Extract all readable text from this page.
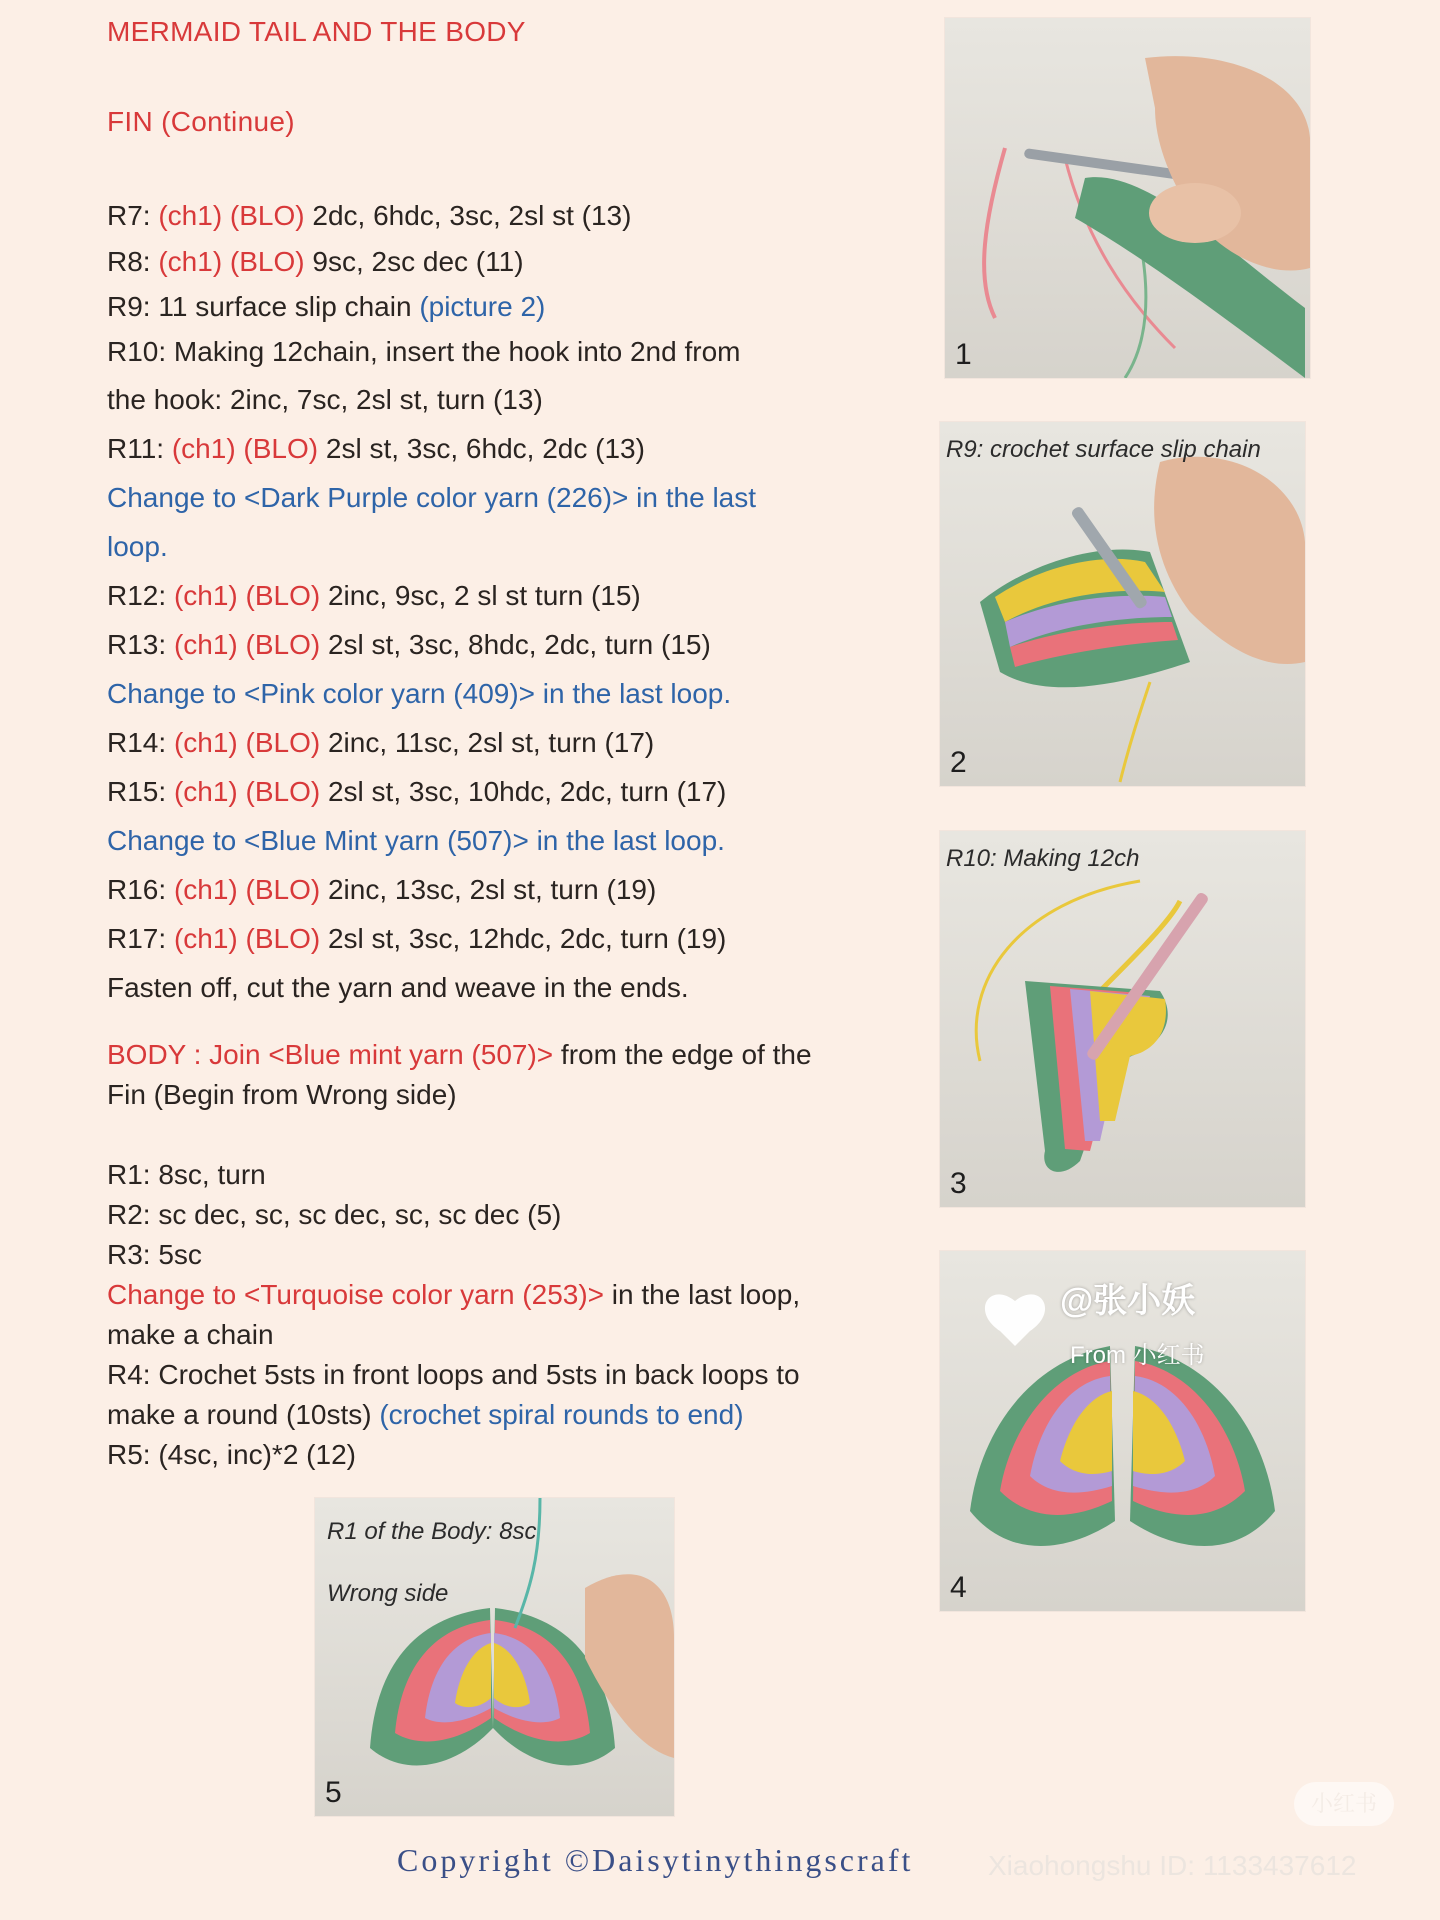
MERMAID TAIL AND THE BODY
FIN (Continue)
R7: (ch1) (BLO) 2dc, 6hdc, 3sc, 2sl st (13)
R8: (ch1) (BLO) 9sc, 2sc dec (11)
R9: 11 surface slip chain (picture 2)
R10: Making 12chain, insert the hook into 2nd from
the hook: 2inc, 7sc, 2sl st, turn (13)
R11: (ch1) (BLO) 2sl st, 3sc, 6hdc, 2dc (13)
Change to <Dark Purple color yarn (226)> in the last
loop.
R12: (ch1) (BLO) 2inc, 9sc, 2 sl st turn (15)
R13: (ch1) (BLO) 2sl st, 3sc, 8hdc, 2dc, turn (15)
Change to <Pink color yarn (409)> in the last loop.
R14: (ch1) (BLO) 2inc, 11sc, 2sl st, turn (17)
R15: (ch1) (BLO) 2sl st, 3sc, 10hdc, 2dc, turn (17)
Change to <Blue Mint yarn (507)> in the last loop.
R16: (ch1) (BLO) 2inc, 13sc, 2sl st, turn (19)
R17: (ch1) (BLO) 2sl st, 3sc, 12hdc, 2dc, turn (19)
Fasten off, cut the yarn and weave in the ends.
BODY : Join <Blue mint yarn (507)> from the edge of the
Fin (Begin from Wrong side)
R1: 8sc, turn
R2: sc dec, sc, sc dec, sc, sc dec (5)
R3: 5sc
Change to <Turquoise color yarn (253)> in the last loop,
make a chain
R4: Crochet 5sts in front loops and 5sts in back loops to
make a round (10sts) (crochet spiral rounds to end)
R5: (4sc, inc)*2 (12)
1
R9: crochet surface slip chain
2
R10: Making 12ch
3
@张小妖
From 小红书
4
R1 of the Body: 8sc
Wrong side
5	小红书
Copyright ©Daisytinythingscraft	Xiaohongshu ID: 1133437612
